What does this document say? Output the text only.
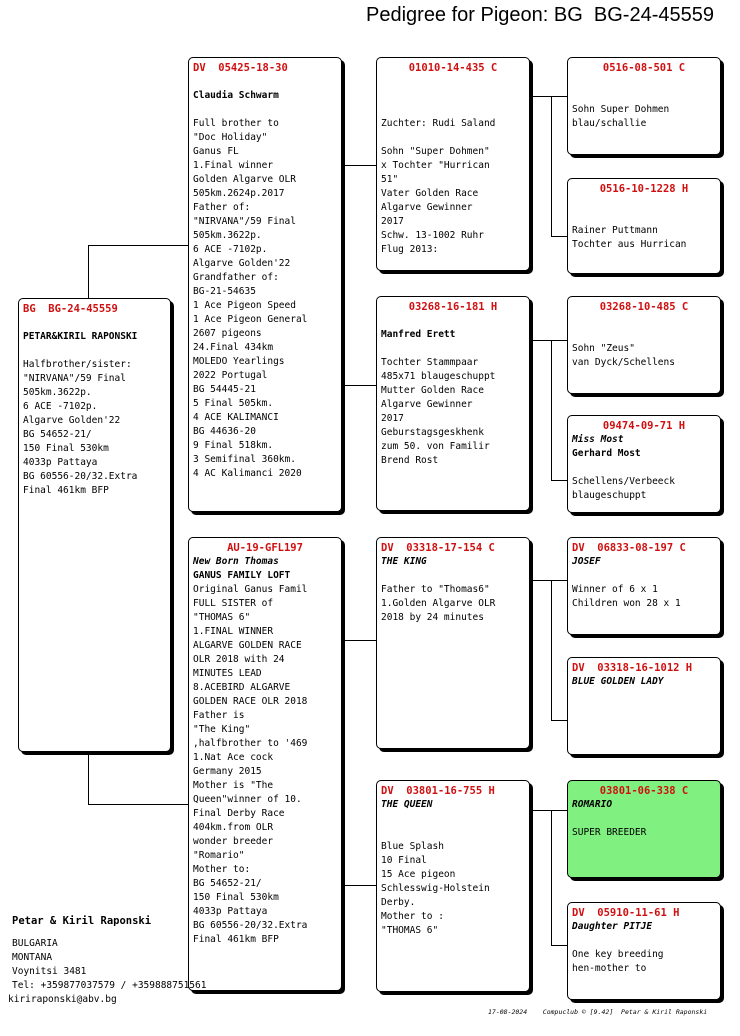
Pedigree for Pigeon: BG  BG-24-45559
BG  BG-24-45559
PETAR&KIRIL RAPONSKI
Halfbrother/sister:
"NIRVANA"/59 Final
505km.3622p.
6 ACE -7102p.
Algarve Golden'22
BG 54652-21/
150 Final 530km
4033p Pattaya
BG 60556-20/32.Extra
Final 461km BFP
DV  05425-18-30
Claudia Schwarm
Full brother to
"Doc Holiday"
Ganus FL
1.Final winner
Golden Algarve OLR
505km.2624p.2017
Father of:
"NIRVANA"/59 Final
505km.3622p.
6 ACE -7102p.
Algarve Golden'22
Grandfather of:
BG-21-54635
1 Ace Pigeon Speed
1 Ace Pigeon General
2607 pigeons
24.Final 434km
MOLEDO Yearlings
2022 Portugal
BG 54445-21
5 Final 505km.
4 ACE KALIMANCI
BG 44636-20
9 Final 518km.
3 Semifinal 360km.
4 AC Kalimanci 2020
AU-19-GFL197
New Born Thomas
GANUS FAMILY LOFT
Original Ganus Famil
FULL SISTER of
"THOMAS 6"
1.FINAL WINNER
ALGARVE GOLDEN RACE
OLR 2018 with 24
MINUTES LEAD
8.ACEBIRD ALGARVE
GOLDEN RACE OLR 2018
Father is
"The King"
,halfbrother to '469
1.Nat Ace cock
Germany 2015
Mother is "The
Queen"winner of 10.
Final Derby Race
404km.from OLR
wonder breeder
"Romario"
Mother to:
BG 54652-21/
150 Final 530km
4033p Pattaya
BG 60556-20/32.Extra
Final 461km BFP
01010-14-435 C
Zuchter: Rudi Saland

Sohn "Super Dohmen"
x Tochter "Hurrican
51"
Vater Golden Race
Algarve Gewinner
2017
Schw. 13-1002 Ruhr
Flug 2013:
03268-16-181 H
Manfred Erett
Tochter Stammpaar
485x71 blaugeschuppt
Mutter Golden Race
Algarve Gewinner
2017
Geburstagsgeskhenk
zum 50. von Familir
Brend Rost
DV  03318-17-154 C
THE KING
Father to "Thomas6"
1.Golden Algarve OLR
2018 by 24 minutes
DV  03801-16-755 H
THE QUEEN
Blue Splash
10 Final
15 Ace pigeon
Schlesswig-Holstein
Derby.
Mother to :
"THOMAS 6"
0516-08-501 C
Sohn Super Dohmen
blau/schallie
0516-10-1228 H
Rainer Puttmann
Tochter aus Hurrican
03268-10-485 C
Sohn "Zeus"
van Dyck/Schellens
09474-09-71 H
Miss Most
Gerhard Most
Schellens/Verbeeck
blaugeschuppt
DV  06833-08-197 C
JOSEF
Winner of 6 x 1
Children won 28 x 1
DV  03318-16-1012 H
BLUE GOLDEN LADY
03801-06-338 C
ROMARIO
SUPER BREEDER
DV  05910-11-61 H
Daughter PITJE
One key breeding
hen-mother to
Petar & Kiril Raponski
BULGARIA
MONTANA
Voynitsi 3481
Tel: +359877037579 / +359888751561
kiriraponski@abv.bg
17-08-2024    Compuclub © [9.42]  Petar & Kiril Raponski
